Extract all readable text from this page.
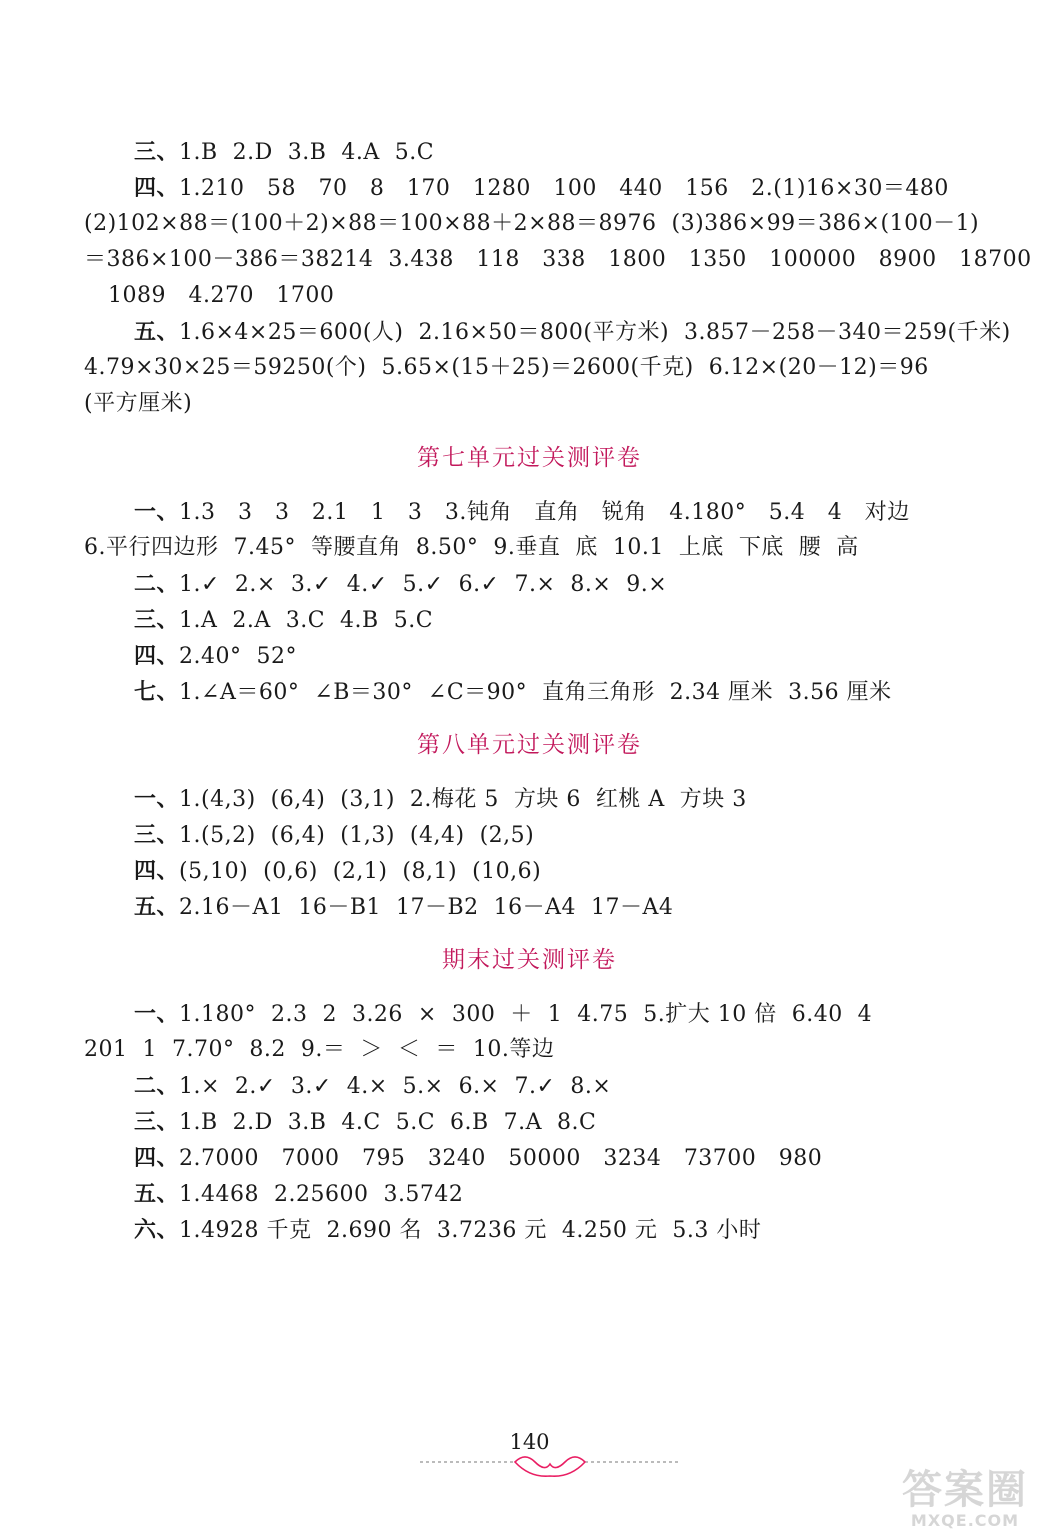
三、1.B  2.D  3.B  4.A  5.C
四、1.210   58   70   8   170   1280   100   440   156   2.(1)16×30＝480
(2)102×88＝(100＋2)×88＝100×88＋2×88＝8976  (3)386×99＝386×(100－1)
＝386×100－386＝38214  3.438   118   338   1800   1350   100000   8900   18700
1089   4.270   1700
五、1.6×4×25＝600(人)  2.16×50＝800(平方米)  3.857－258－340＝259(千米)
4.79×30×25＝59250(个)  5.65×(15＋25)＝2600(千克)  6.12×(20－12)＝96
(平方厘米)
第七单元过关测评卷
一、1.3   3   3   2.1   1   3   3.钝角   直角   锐角   4.180°   5.4   4   对边
6.平行四边形  7.45°  等腰直角  8.50°  9.垂直  底  10.1  上底  下底  腰  高
二、1.✓  2.×  3.✓  4.✓  5.✓  6.✓  7.×  8.×  9.×
三、1.A  2.A  3.C  4.B  5.C
四、2.40°  52°
七、1.∠A＝60°  ∠B＝30°  ∠C＝90°  直角三角形  2.34 厘米  3.56 厘米
第八单元过关测评卷
一、1.(4,3)  (6,4)  (3,1)  2.梅花 5  方块 6  红桃 A  方块 3
三、1.(5,2)  (6,4)  (1,3)  (4,4)  (2,5)
四、(5,10)  (0,6)  (2,1)  (8,1)  (10,6)
五、2.16－A1  16－B1  17－B2  16－A4  17－A4
期末过关测评卷
一、1.180°  2.3  2  3.26  ×  300  ＋  1  4.75  5.扩大 10 倍  6.40  4
201  1  7.70°  8.2  9.＝  ＞  ＜  ＝  10.等边
二、1.×  2.✓  3.✓  4.×  5.×  6.×  7.✓  8.×
三、1.B  2.D  3.B  4.C  5.C  6.B  7.A  8.C
四、2.7000   7000   795   3240   50000   3234   73700   980
五、1.4468  2.25600  3.5742
六、1.4928 千克  2.690 名  3.7236 元  4.250 元  5.3 小时
140
答案圈
MXQE.COM
